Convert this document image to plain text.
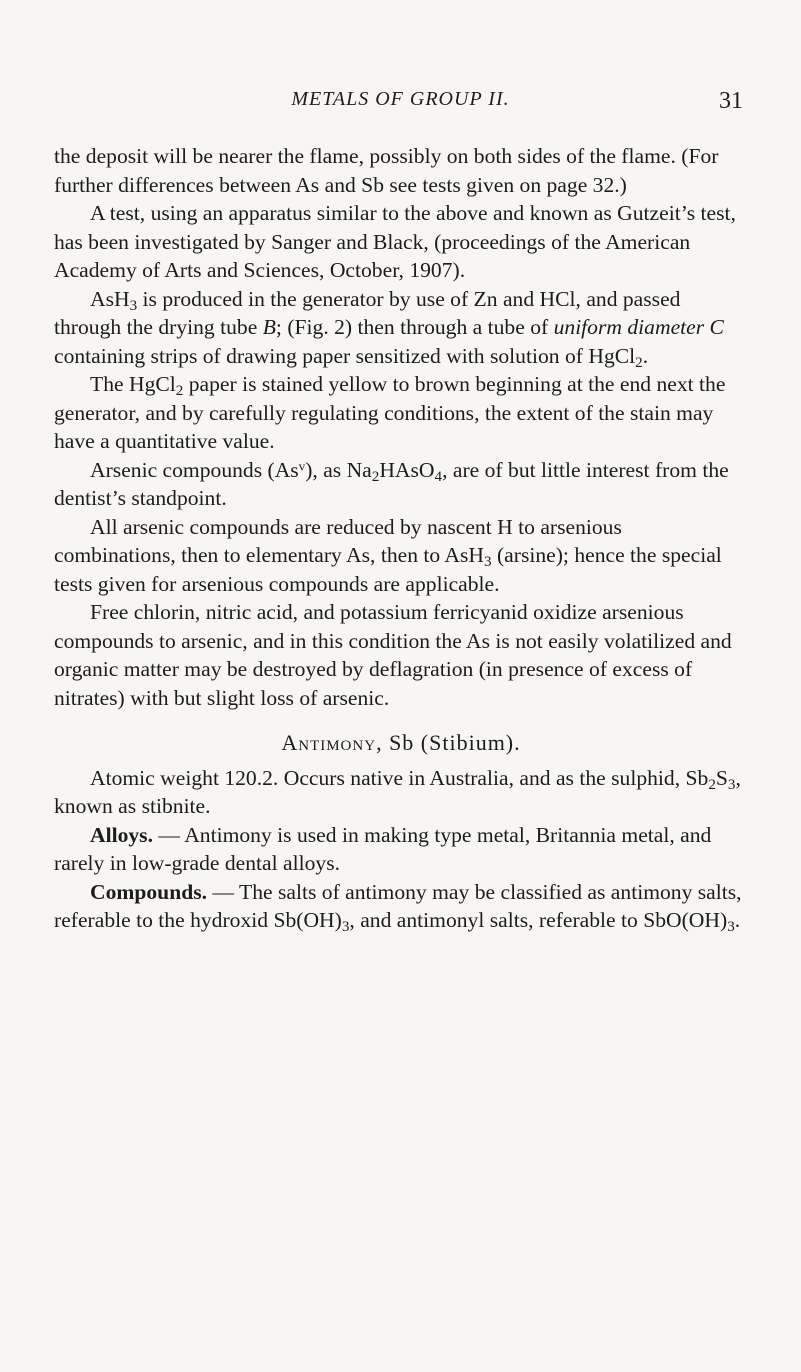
METALS OF GROUP II.	31

the deposit will be nearer the flame, possibly on both sides of the flame. (For further differences between As and Sb see tests given on page 32.)

A test, using an apparatus similar to the above and known as Gutzeit’s test, has been investigated by Sanger and Black, (proceedings of the American Academy of Arts and Sciences, October, 1907).

AsH$_3$ is produced in the generator by use of Zn and HCl, and passed through the drying tube B; (Fig. 2) then through a tube of uniform diameter C containing strips of drawing paper sensitized with solution of HgCl$_2$.

The HgCl$_2$ paper is stained yellow to brown beginning at the end next the generator, and by carefully regulating conditions, the extent of the stain may have a quantitative value.

Arsenic compounds (As$^v$), as $Na_2HAsO_4$, are of but little interest from the dentist’s standpoint.

All arsenic compounds are reduced by nascent H to arsenious combinations, then to elementary As, then to AsH$_3$ (arsine); hence the special tests given for arsenious compounds are applicable.

Free chlorin, nitric acid, and potassium ferricyanid oxidize arsenious compounds to arsenic, and in this condition the As is not easily volatilized and organic matter may be destroyed by deflagration (in presence of excess of nitrates) with but slight loss of arsenic.

Antimony, Sb (Stibium).

Atomic weight 120.2. Occurs native in Australia, and as the sulphid, $Sb_2S_3$, known as stibnite.

Alloys. — Antimony is used in making type metal, Britannia metal, and rarely in low-grade dental alloys.

Compounds. — The salts of antimony may be classified as antimony salts, referable to the hydroxid $Sb(OH)_3$, and antimonyl salts, referable to $SbO(OH)_3$.
